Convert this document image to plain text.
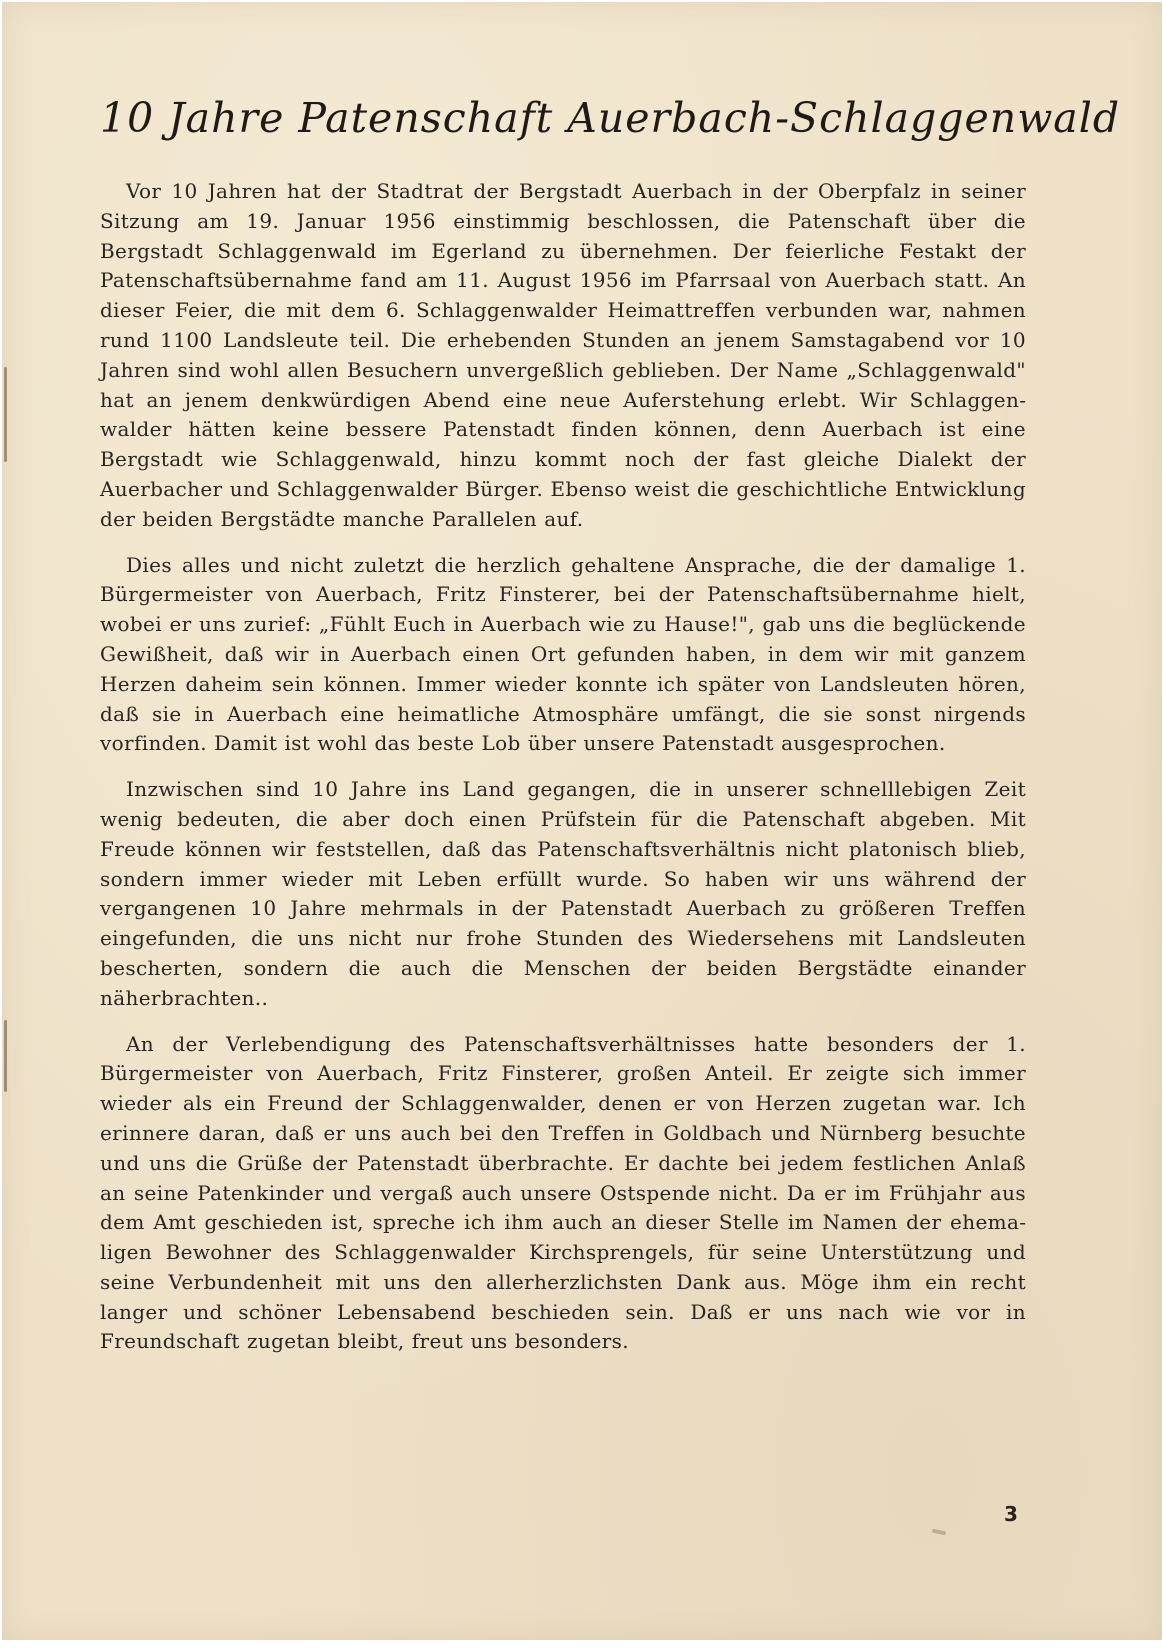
10 Jahre Patenschaft Auerbach-Schlaggenwald

Vor 10 Jahren hat der Stadtrat der Bergstadt Auerbach in der Oberpfalz in seiner Sitzung am 19. Januar 1956 einstimmig beschlossen, die Patenschaft über die Bergstadt Schlaggenwald im Egerland zu übernehmen. Der feierliche Festakt der Patenschaftsübernahme fand am 11. August 1956 im Pfarrsaal von Auerbach statt. An dieser Feier, die mit dem 6. Schlaggenwalder Heimattreffen verbunden war, nahmen rund 1100 Landsleute teil. Die erhebenden Stunden an jenem Samstagabend vor 10 Jahren sind wohl allen Besuchern unvergeßlich geblieben. Der Name „Schlaggenwald" hat an jenem denkwürdigen Abend eine neue Auferstehung erlebt. Wir Schlaggenwalder hätten keine bessere Patenstadt finden können, denn Auerbach ist eine Bergstadt wie Schlaggenwald, hinzu kommt noch der fast gleiche Dialekt der Auerbacher und Schlaggenwalder Bürger. Ebenso weist die geschichtliche Entwicklung der beiden Bergstädte manche Parallelen auf.

Dies alles und nicht zuletzt die herzlich gehaltene Ansprache, die der damalige 1. Bürgermeister von Auerbach, Fritz Finsterer, bei der Patenschaftsübernahme hielt, wobei er uns zurief: „Fühlt Euch in Auerbach wie zu Hause!", gab uns die beglückende Gewißheit, daß wir in Auerbach einen Ort gefunden haben, in dem wir mit ganzem Herzen daheim sein können. Immer wieder konnte ich später von Landsleuten hören, daß sie in Auerbach eine heimatliche Atmosphäre umfängt, die sie sonst nirgends vorfinden. Damit ist wohl das beste Lob über unsere Patenstadt ausgesprochen.

Inzwischen sind 10 Jahre ins Land gegangen, die in unserer schnelllebigen Zeit wenig bedeuten, die aber doch einen Prüfstein für die Patenschaft abgeben. Mit Freude können wir feststellen, daß das Patenschaftsverhältnis nicht platonisch blieb, sondern immer wieder mit Leben erfüllt wurde. So haben wir uns während der vergangenen 10 Jahre mehrmals in der Patenstadt Auerbach zu größeren Treffen eingefunden, die uns nicht nur frohe Stunden des Wiedersehens mit Landsleuten bescherten, sondern die auch die Menschen der beiden Bergstädte einander näherbrachten..

An der Verlebendigung des Patenschaftsverhältnisses hatte besonders der 1. Bürgermeister von Auerbach, Fritz Finsterer, großen Anteil. Er zeigte sich immer wieder als ein Freund der Schlaggenwalder, denen er von Herzen zugetan war. Ich erinnere daran, daß er uns auch bei den Treffen in Goldbach und Nürnberg besuchte und uns die Grüße der Patenstadt überbrachte. Er dachte bei jedem festlichen Anlaß an seine Patenkinder und vergaß auch unsere Ostspende nicht. Da er im Frühjahr aus dem Amt geschieden ist, spreche ich ihm auch an dieser Stelle im Namen der ehemaligen Bewohner des Schlaggenwalder Kirchsprengels, für seine Unterstützung und seine Verbundenheit mit uns den allerherzlichsten Dank aus. Möge ihm ein recht langer und schöner Lebensabend beschieden sein. Daß er uns nach wie vor in Freundschaft zugetan bleibt, freut uns besonders.

3
